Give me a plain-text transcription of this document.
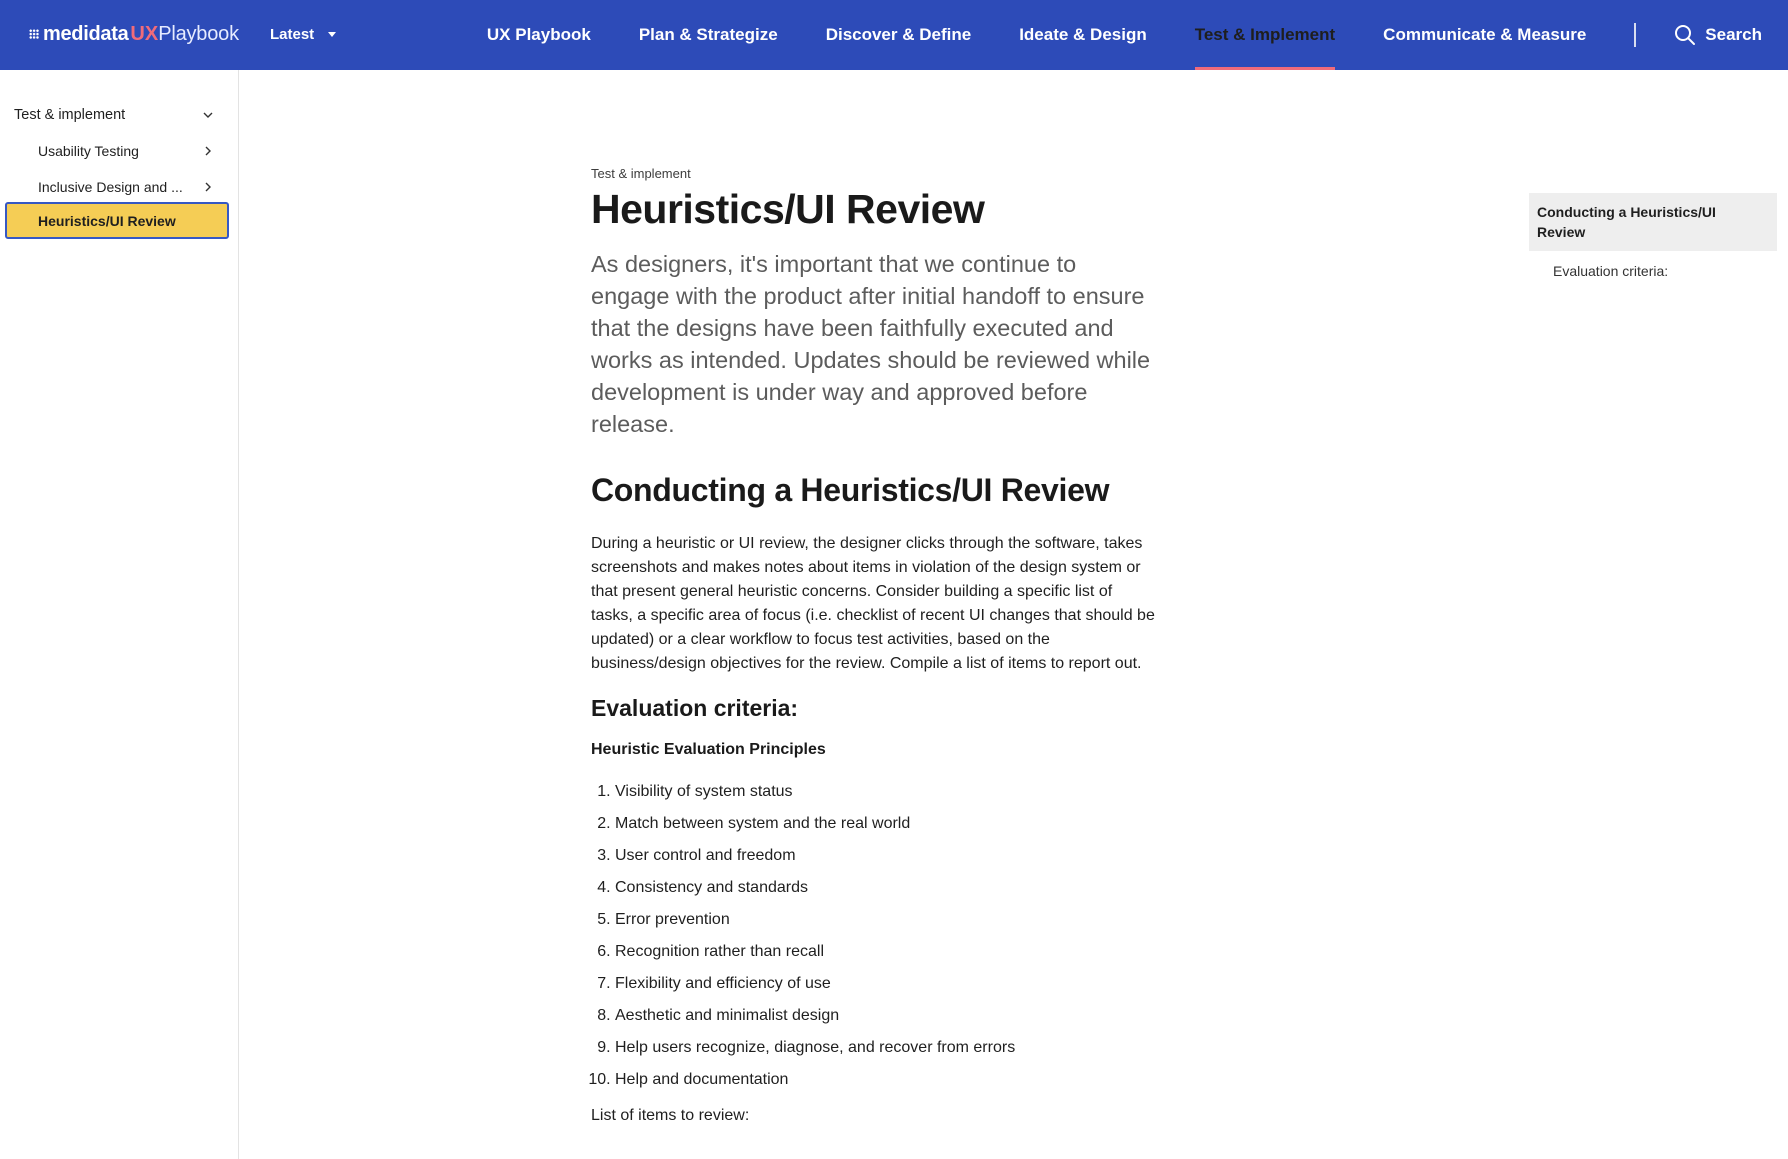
medidata UX Playbook Latest	UX Playbook	Plan & Strategize	Discover & Define	Ideate & Design	Test & Implement	Communicate & Measure	Search
Test & implement
Usability Testing
Inclusive Design and ...
Heuristics/UI Review

Test & implement

Heuristics/UI Review

As designers, it's important that we continue to engage with the product after initial handoff to ensure that the designs have been faithfully executed and works as intended. Updates should be reviewed while development is under way and approved before release.

Conducting a Heuristics/UI Review

During a heuristic or UI review, the designer clicks through the software, takes screenshots and makes notes about items in violation of the design system or that present general heuristic concerns. Consider building a specific list of tasks, a specific area of focus (i.e. checklist of recent UI changes that should be updated) or a clear workflow to focus test activities, based on the business/design objectives for the review. Compile a list of items to report out.

Evaluation criteria:

Heuristic Evaluation Principles

1. Visibility of system status
2. Match between system and the real world
3. User control and freedom
4. Consistency and standards
5. Error prevention
6. Recognition rather than recall
7. Flexibility and efficiency of use
8. Aesthetic and minimalist design
9. Help users recognize, diagnose, and recover from errors
10. Help and documentation

List of items to review:

Conducting a Heuristics/UI Review
Evaluation criteria:
